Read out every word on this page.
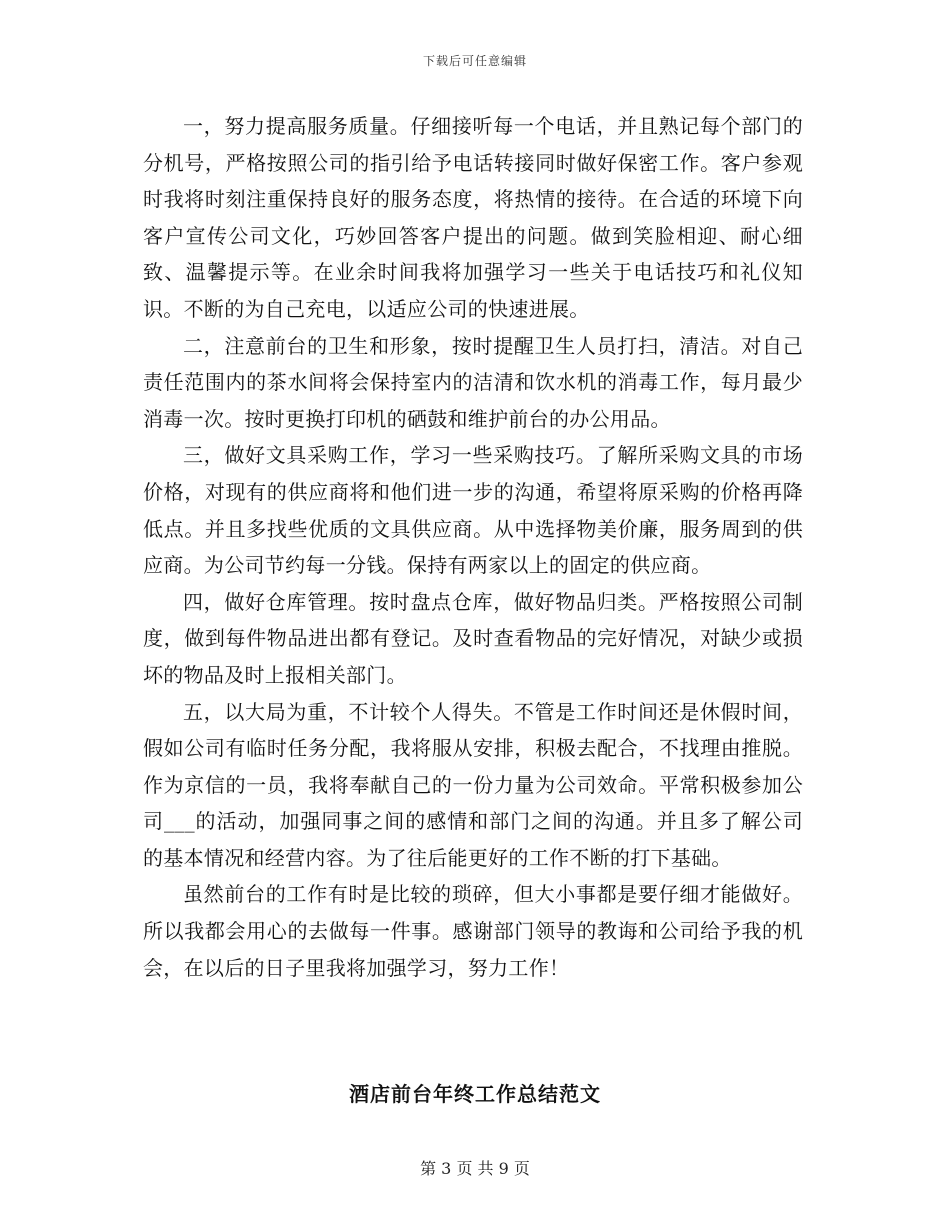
下载后可任意编辑

一，努力提高服务质量。仔细接听每一个电话，并且熟记每个部门的分机号，严格按照公司的指引给予电话转接同时做好保密工作。客户参观时我将时刻注重保持良好的服务态度，将热情的接待。在合适的环境下向客户宣传公司文化，巧妙回答客户提出的问题。做到笑脸相迎、耐心细致、温馨提示等。在业余时间我将加强学习一些关于电话技巧和礼仪知识。不断的为自己充电，以适应公司的快速进展。

二，注意前台的卫生和形象，按时提醒卫生人员打扫，清洁。对自己责任范围内的茶水间将会保持室内的洁清和饮水机的消毒工作，每月最少消毒一次。按时更换打印机的硒鼓和维护前台的办公用品。

三，做好文具采购工作，学习一些采购技巧。了解所采购文具的市场价格，对现有的供应商将和他们进一步的沟通，希望将原采购的价格再降低点。并且多找些优质的文具供应商。从中选择物美价廉，服务周到的供应商。为公司节约每一分钱。保持有两家以上的固定的供应商。

四，做好仓库管理。按时盘点仓库，做好物品归类。严格按照公司制度，做到每件物品进出都有登记。及时查看物品的完好情况，对缺少或损坏的物品及时上报相关部门。

五，以大局为重，不计较个人得失。不管是工作时间还是休假时间，假如公司有临时任务分配，我将服从安排，积极去配合，不找理由推脱。作为京信的一员，我将奉献自己的一份力量为公司效命。平常积极参加公司___的活动，加强同事之间的感情和部门之间的沟通。并且多了解公司的基本情况和经营内容。为了往后能更好的工作不断的打下基础。

虽然前台的工作有时是比较的琐碎，但大小事都是要仔细才能做好。所以我都会用心的去做每一件事。感谢部门领导的教诲和公司给予我的机会，在以后的日子里我将加强学习，努力工作！

酒店前台年终工作总结范文
第 3 页 共 9 页
